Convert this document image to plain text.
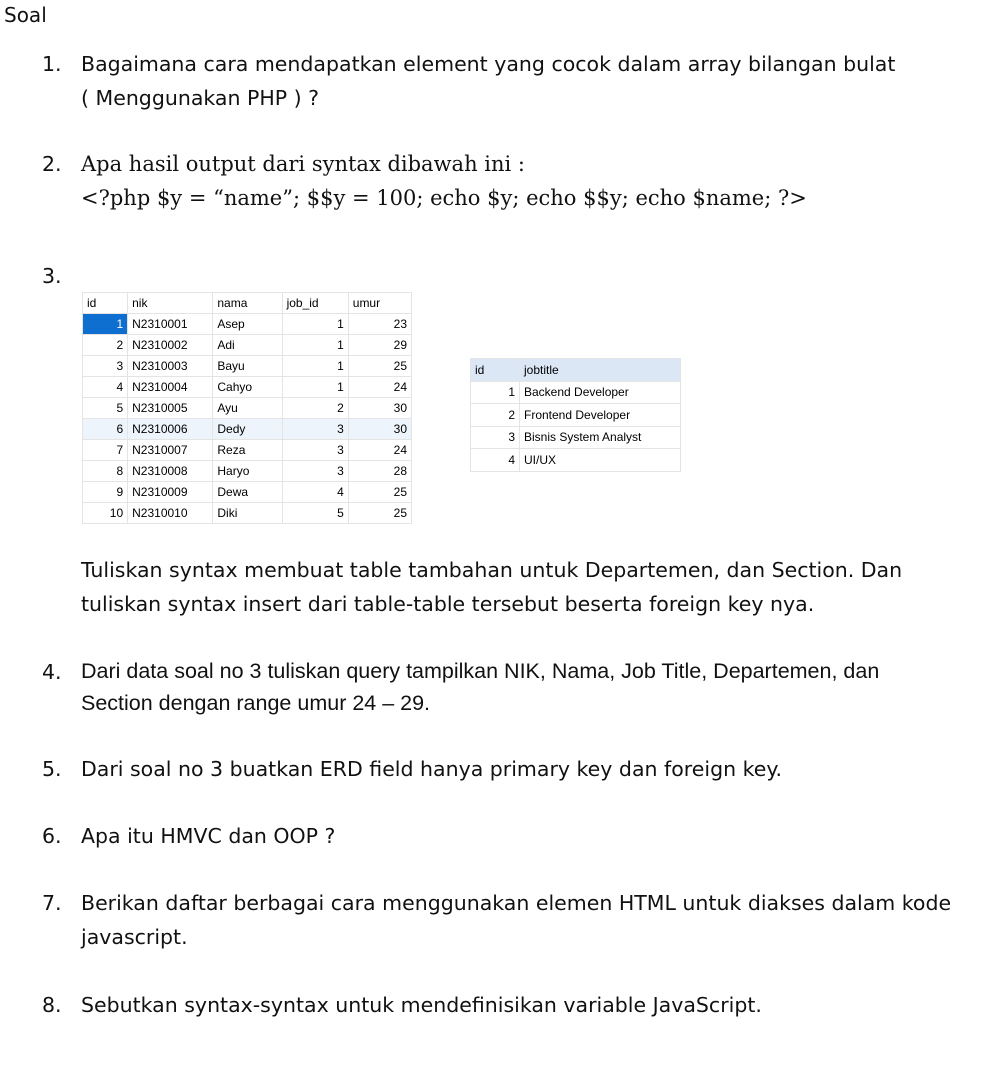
Soal
1. Bagaimana cara mendapatkan element yang cocok dalam array bilangan bulat
( Menggunakan PHP ) ?
2. Apa hasil output dari syntax dibawah ini :
<?php $y = “name”; $$y = 100; echo $y; echo $$y; echo $name; ?>
3.
id	nik	nama	job_id	umur
1	N2310001	Asep	1	23
2	N2310002	Adi	1	29
3	N2310003	Bayu	1	25
4	N2310004	Cahyo	1	24
5	N2310005	Ayu	2	30
6	N2310006	Dedy	3	30
7	N2310007	Reza	3	24
8	N2310008	Haryo	3	28
9	N2310009	Dewa	4	25
10	N2310010	Diki	5	25
id	jobtitle
1	Backend Developer
2	Frontend Developer
3	Bisnis System Analyst
4	UI/UX
Tuliskan syntax membuat table tambahan untuk Departemen, dan Section. Dan
tuliskan syntax insert dari table-table tersebut beserta foreign key nya.
4. Dari data soal no 3 tuliskan query tampilkan NIK, Nama, Job Title, Departemen, dan
Section dengan range umur 24 – 29.
5. Dari soal no 3 buatkan ERD field hanya primary key dan foreign key.
6. Apa itu HMVC dan OOP ?
7. Berikan daftar berbagai cara menggunakan elemen HTML untuk diakses dalam kode
javascript.
8. Sebutkan syntax-syntax untuk mendefinisikan variable JavaScript.
